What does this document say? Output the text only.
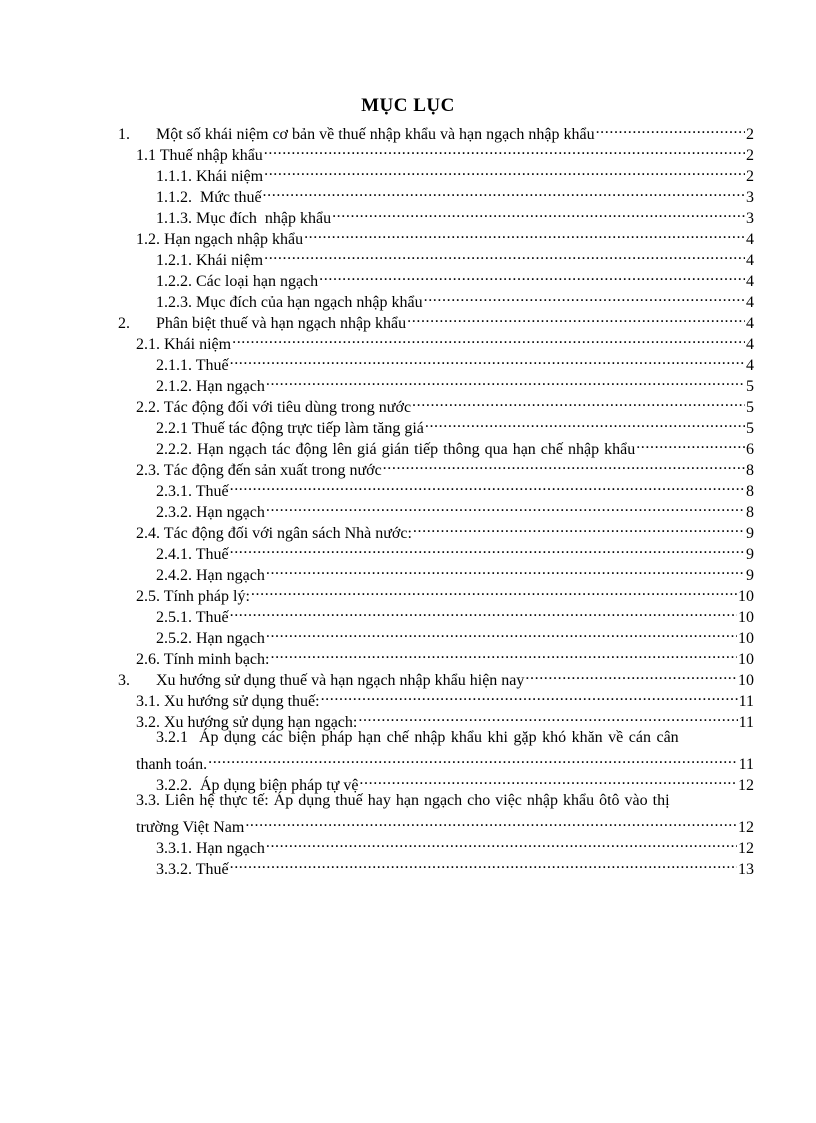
MỤC LỤC
1.	Một số khái niệm cơ bản về thuế nhập khẩu và hạn ngạch nhập khẩu .....	2
1.1 Thuế nhập khẩu .....	2
1.1.1. Khái niệm .....	2
1.1.2.  Mức thuế .....	3
1.1.3. Mục đích  nhập khẩu .....	3
1.2. Hạn ngạch nhập khẩu .....	4
1.2.1. Khái niệm .....	4
1.2.2. Các loại hạn ngạch .....	4
1.2.3. Mục đích của hạn ngạch nhập khẩu .....	4
2.	Phân biệt thuế và hạn ngạch nhập khẩu .....	4
2.1. Khái niệm .....	4
2.1.1. Thuế .....	4
2.1.2. Hạn ngạch .....	5
2.2. Tác động đối với tiêu dùng trong nước .....	5
2.2.1 Thuế tác động trực tiếp làm tăng giá .....	5
2.2.2. Hạn ngạch tác động lên giá gián tiếp thông qua hạn chế nhập khẩu .....	6
2.3. Tác động đến sản xuất trong nước .....	8
2.3.1. Thuế .....	8
2.3.2. Hạn ngạch .....	8
2.4. Tác động đối với ngân sách Nhà nước: .....	9
2.4.1. Thuế .....	9
2.4.2. Hạn ngạch .....	9
2.5. Tính pháp lý: .....	10
2.5.1. Thuế .....	10
2.5.2. Hạn ngạch .....	10
2.6. Tính minh bạch: .....	10
3.	Xu hướng sử dụng thuế và hạn ngạch nhập khẩu hiện nay .....	10
3.1. Xu hướng sử dụng thuế: .....	11
3.2. Xu hướng sử dụng hạn ngạch: .....	11
3.2.1  Áp dụng các biện pháp hạn chế nhập khẩu khi gặp khó khăn về cán cân
thanh toán. .....	11
3.2.2.  Áp dụng biện pháp tự vệ .....	12
3.3. Liên hệ thực tế: Áp dụng thuế hay hạn ngạch cho việc nhập khẩu ôtô vào thị
trường Việt Nam .....	12
3.3.1. Hạn ngạch .....	12
3.3.2. Thuế .....	13
